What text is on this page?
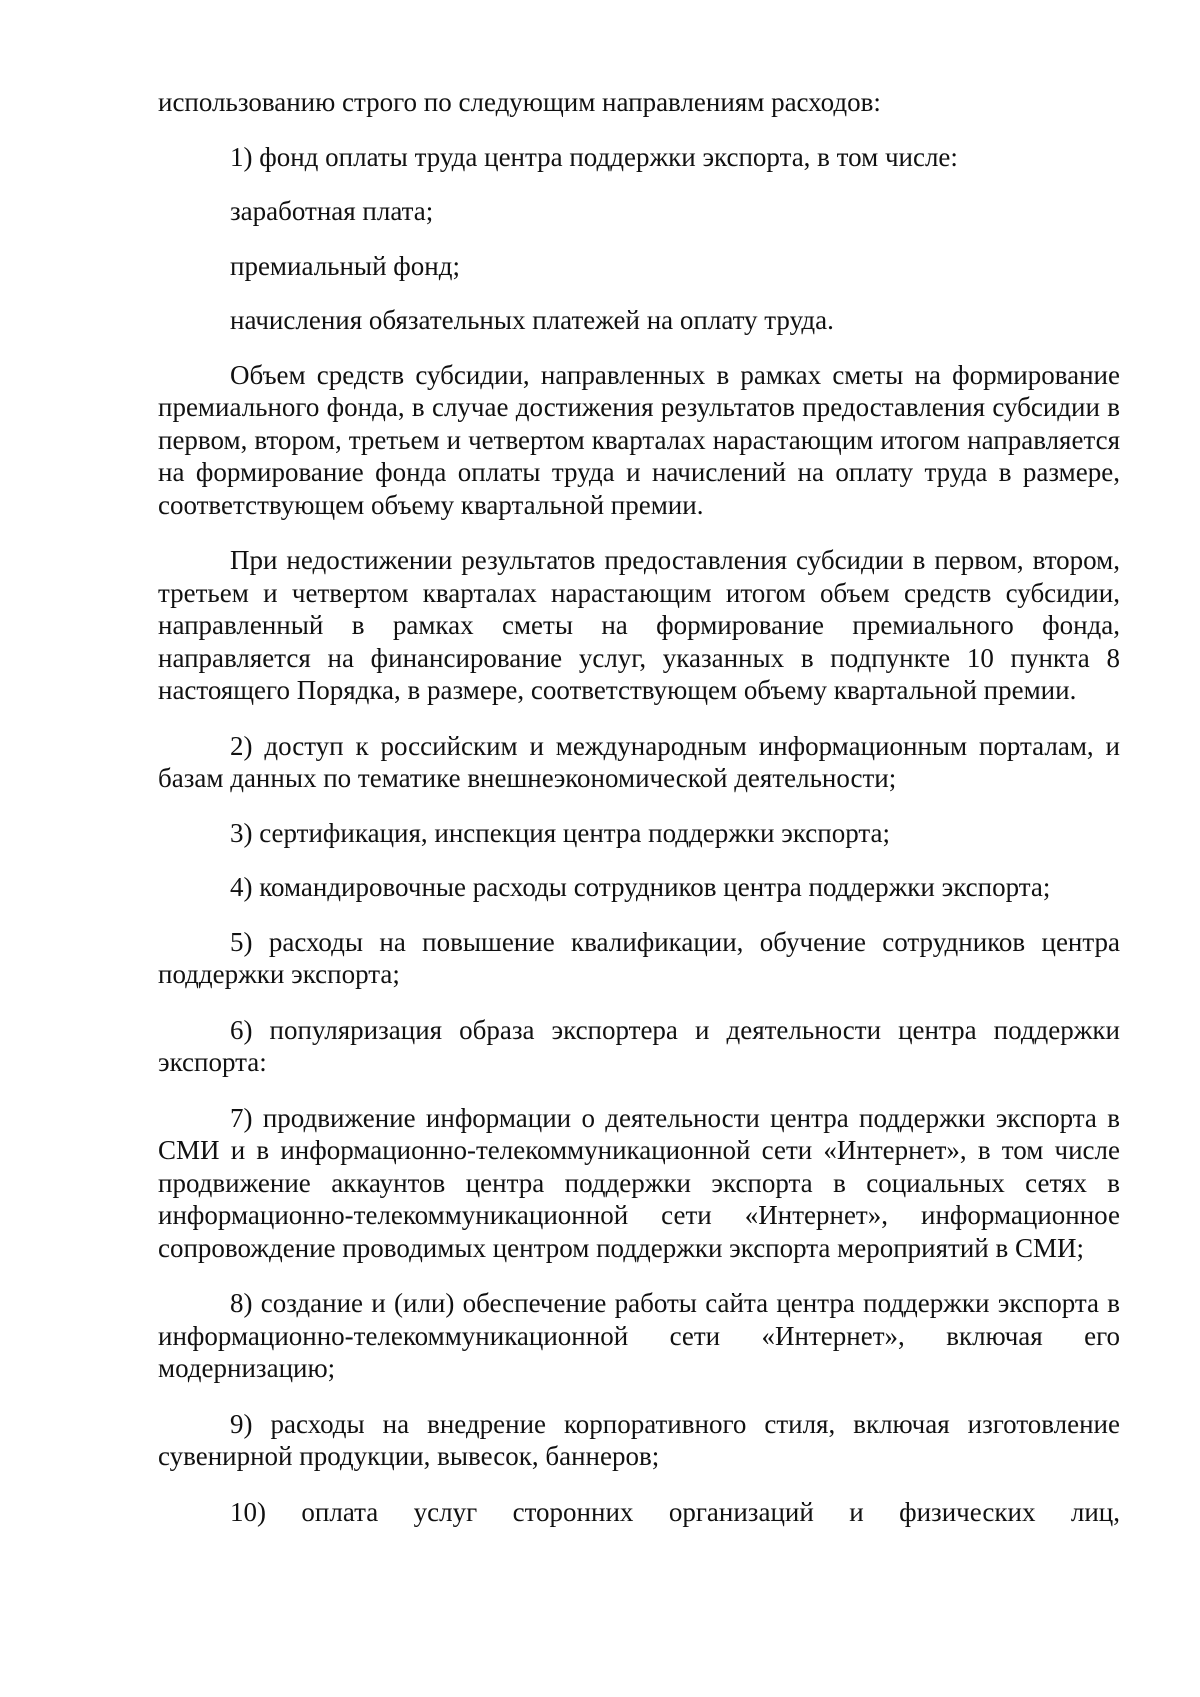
использованию строго по следующим направлениям расходов:

1) фонд оплаты труда центра поддержки экспорта, в том числе:

заработная плата;

премиальный фонд;

начисления обязательных платежей на оплату труда.

Объем средств субсидии, направленных в рамках сметы на формирование премиального фонда, в случае достижения результатов предоставления субсидии в первом, втором, третьем и четвертом кварталах нарастающим итогом направляется на формирование фонда оплаты труда и начислений на оплату труда в размере, соответствующем объему квартальной премии.

При недостижении результатов предоставления субсидии в первом, втором, третьем и четвертом кварталах нарастающим итогом объем средств субсидии, направленный в рамках сметы на формирование премиального фонда, направляется на финансирование услуг, указанных в подпункте 10 пункта 8 настоящего Порядка, в размере, соответствующем объему квартальной премии.

2) доступ к российским и международным информационным порталам, и базам данных по тематике внешнеэкономической деятельности;

3) сертификация, инспекция центра поддержки экспорта;

4) командировочные расходы сотрудников центра поддержки экспорта;

5) расходы на повышение квалификации, обучение сотрудников центра поддержки экспорта;

6) популяризация образа экспортера и деятельности центра поддержки экспорта:

7) продвижение информации о деятельности центра поддержки экспорта в СМИ и в информационно-телекоммуникационной сети «Интернет», в том числе продвижение аккаунтов центра поддержки экспорта в социальных сетях в информационно-телекоммуникационной сети «Интернет», информационное сопровождение проводимых центром поддержки экспорта мероприятий в СМИ;

8) создание и (или) обеспечение работы сайта центра поддержки экспорта в информационно-телекоммуникационной сети «Интернет», включая его модернизацию;

9) расходы на внедрение корпоративного стиля, включая изготовление сувенирной продукции, вывесок, баннеров;

10) оплата услуг сторонних организаций и физических лиц,
